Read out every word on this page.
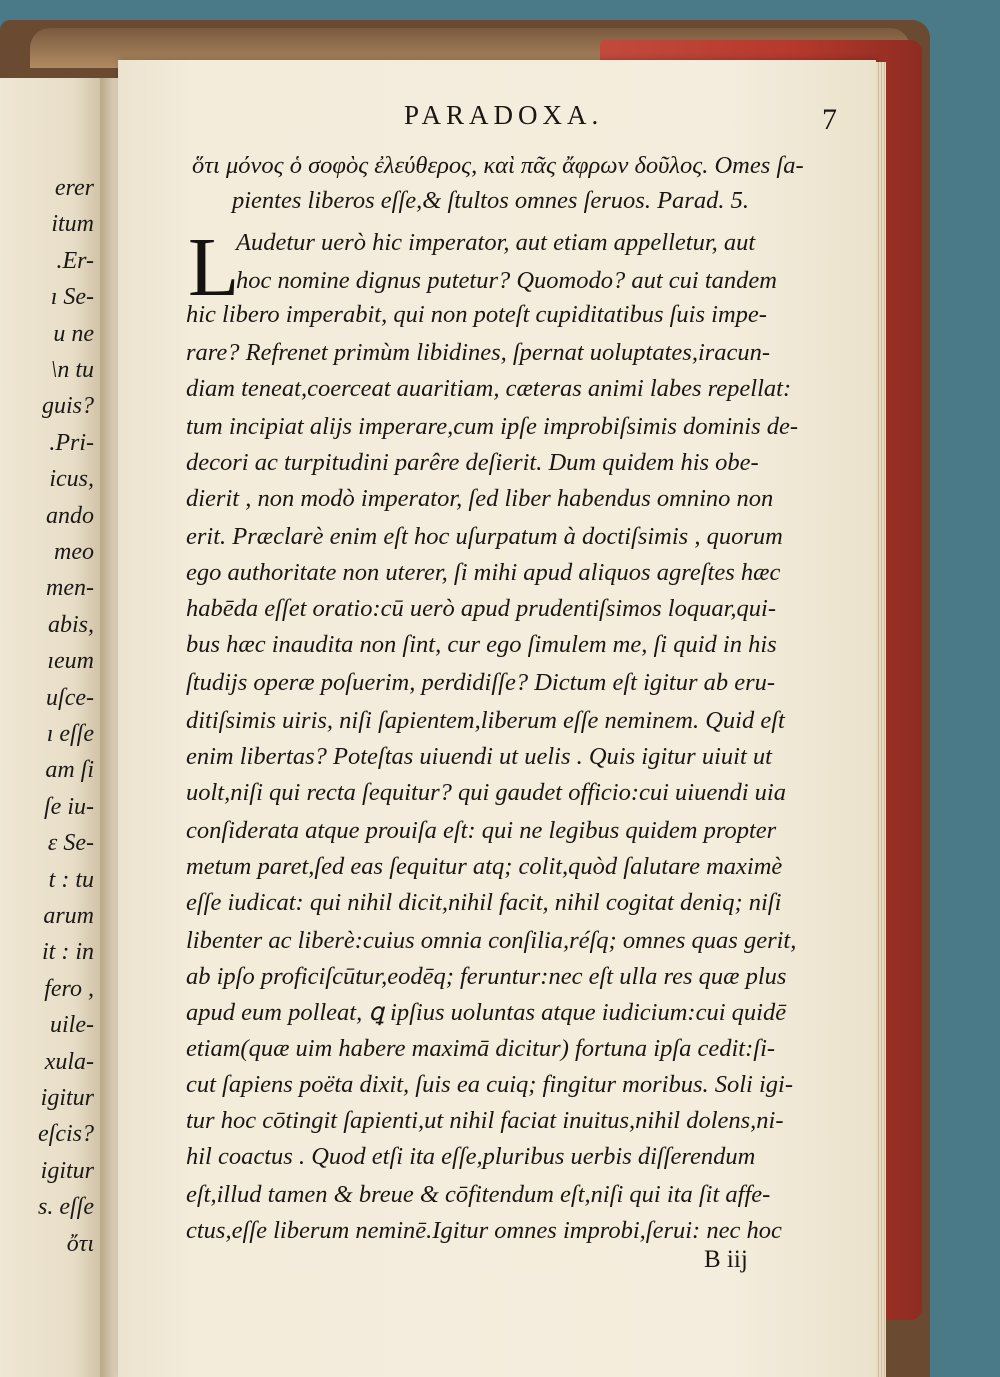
erer
itum
.Er-
ı Se-
u ne
\n tu
guis?
.Pri-
icus,
ando
meo
men-
abis,
ıeum
uſce-
ı eſſe
am ſi
ſe iu-
ɛ Se-
t : tu
arum
it : in
fero ,
uile-
xula-
igitur
eſcis?
igitur
s. eſſe
ὄτι
PARADOXA.	7
L
ὅτι μόνος ὁ σοφὸς ἐλεύθερος, καὶ πᾶς ἄφρων δοῦλος. Omes ſa-
pientes liberos eſſe,& ſtultos omnes ſeruos. Parad. 5.
Audetur uerò hic imperator, aut etiam appelletur, aut
hoc nomine dignus putetur? Quomodo? aut cui tandem
hic libero imperabit, qui non poteſt cupiditatibus ſuis impe-
rare? Refrenet primùm libidines, ſpernat uoluptates,iracun-
diam teneat,coerceat auaritiam, cæteras animi labes repellat:
tum incipiat alijs imperare,cum ipſe improbiſsimis dominis de-
decori ac turpitudini parêre deſierit. Dum quidem his obe-
dierit , non modò imperator, ſed liber habendus omnino non
erit. Præclarè enim eſt hoc uſurpatum à doctiſsimis , quorum
ego authoritate non uterer, ſi mihi apud aliquos agreſtes hæc
habēda eſſet oratio:cū uerò apud prudentiſsimos loquar,qui-
bus hæc inaudita non ſint, cur ego ſimulem me, ſi quid in his
ſtudijs operæ poſuerim, perdidiſſe? Dictum eſt igitur ab eru-
ditiſsimis uiris, niſi ſapientem,liberum eſſe neminem. Quid eſt
enim libertas? Poteſtas uiuendi ut uelis . Quis igitur uiuit ut
uolt,niſi qui recta ſequitur? qui gaudet officio:cui uiuendi uia
conſiderata atque prouiſa eſt: qui ne legibus quidem propter
metum paret,ſed eas ſequitur atq; colit,quòd ſalutare maximè
eſſe iudicat: qui nihil dicit,nihil facit, nihil cogitat deniq; niſi
libenter ac liberè:cuius omnia conſilia,réſq; omnes quas gerit,
ab ipſo proficiſcūtur,eodēq; feruntur:nec eſt ulla res quæ plus
apud eum polleat, ꝗ ipſius uoluntas atque iudicium:cui quidē
etiam(quæ uim habere maximā dicitur) fortuna ipſa cedit:ſi-
cut ſapiens poëta dixit, ſuis ea cuiq; fingitur moribus. Soli igi-
tur hoc cōtingit ſapienti,ut nihil faciat inuitus,nihil dolens,ni-
hil coactus . Quod etſi ita eſſe,pluribus uerbis diſſerendum
eſt,illud tamen & breue & cōfitendum eſt,niſi qui ita ſit affe-
ctus,eſſe liberum neminē.Igitur omnes improbi,ſerui: nec hoc
B iij
